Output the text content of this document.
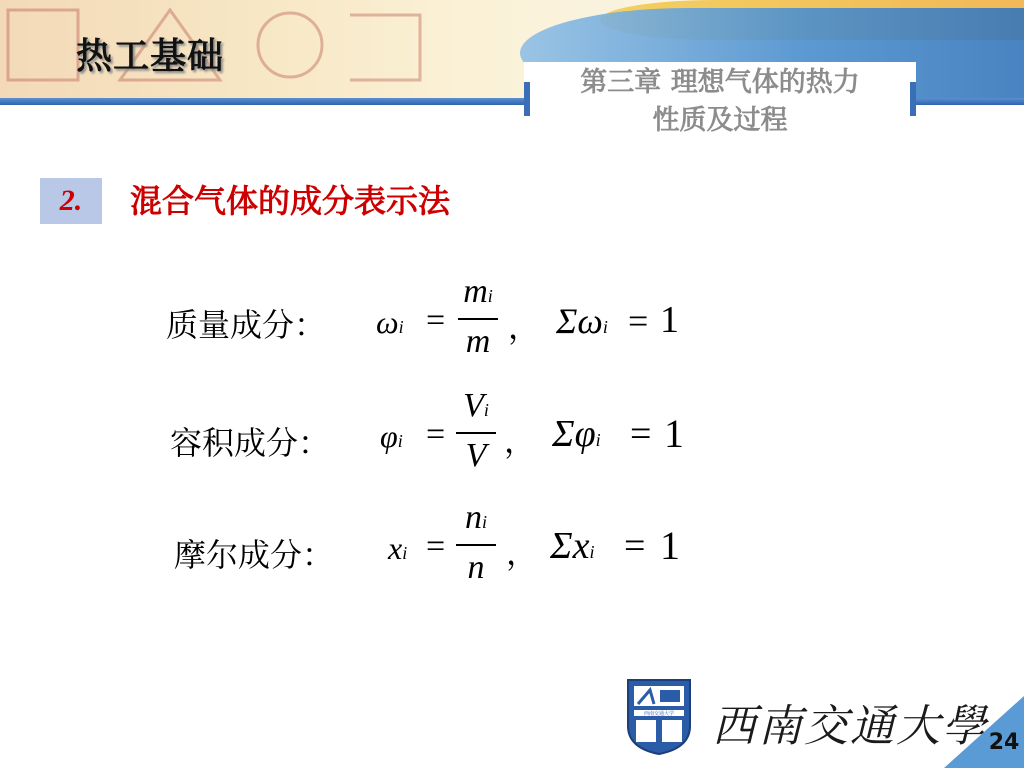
热工基础
第三章 理想气体的热力
性质及过程
2.	混合气体的成分表示法
质量成分： ωi =
mi
m ， Σωi = 1
容积成分： φi =
Vi
V ， Σφi = 1
摩尔成分： xi =
ni
n ， Σxi = 1
西南交通大学 西南交通大學 24
